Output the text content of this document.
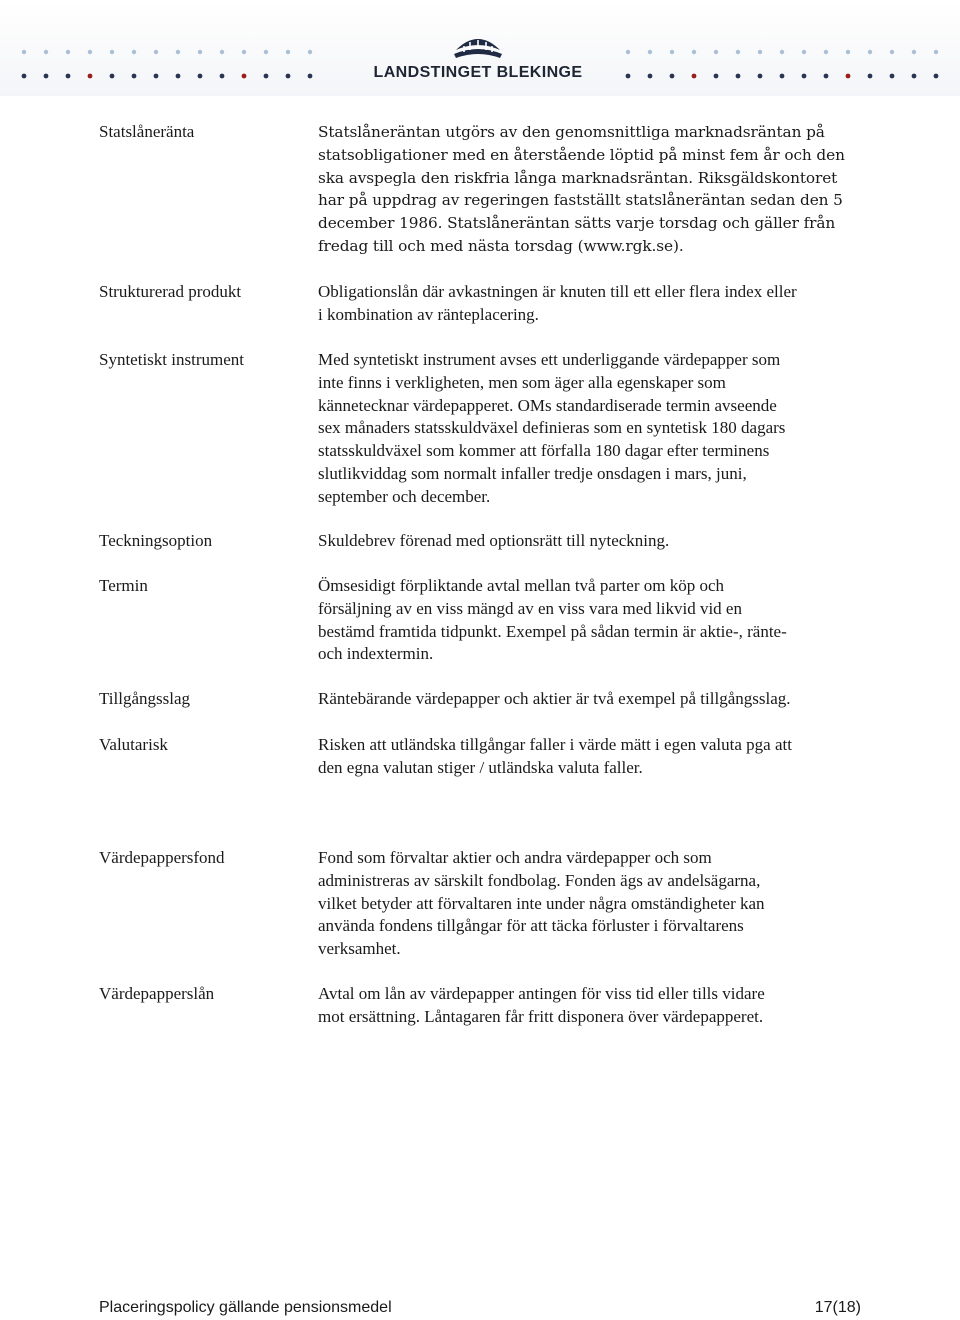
LANDSTINGET BLEKINGE
Statslåneränta	Statslåneräntan utgörs av den genomsnittliga marknadsräntan på
statsobligationer med en återstående löptid på minst fem år och den
ska avspegla den riskfria långa marknadsräntan. Riksgäldskontoret
har på uppdrag av regeringen fastställt statslåneräntan sedan den 5
december 1986. Statslåneräntan sätts varje torsdag och gäller från
fredag till och med nästa torsdag (www.rgk.se).
Strukturerad produkt	Obligationslån där avkastningen är knuten till ett eller flera index eller
i kombination av ränteplacering.
Syntetiskt instrument	Med syntetiskt instrument avses ett underliggande värdepapper som
inte finns i verkligheten, men som äger alla egenskaper som
kännetecknar värdepapperet. OMs standardiserade termin avseende
sex månaders statsskuldväxel definieras som en syntetisk 180 dagars
statsskuldväxel som kommer att förfalla 180 dagar efter terminens
slutlikviddag som normalt infaller tredje onsdagen i mars, juni,
september och december.
Teckningsoption	Skuldebrev förenad med optionsrätt till nyteckning.
Termin	Ömsesidigt förpliktande avtal mellan två parter om köp och
försäljning av en viss mängd av en viss vara med likvid vid en
bestämd framtida tidpunkt. Exempel på sådan termin är aktie-, ränte-
och indextermin.
Tillgångsslag	Räntebärande värdepapper och aktier är två exempel på tillgångsslag.
Valutarisk	Risken att utländska tillgångar faller i värde mätt i egen valuta pga att
den egna valutan stiger / utländska valuta faller.
Värdepappersfond	Fond som förvaltar aktier och andra värdepapper och som
administreras av särskilt fondbolag. Fonden ägs av andelsägarna,
vilket betyder att förvaltaren inte under några omständigheter kan
använda fondens tillgångar för att täcka förluster i förvaltarens
verksamhet.
Värdepapperslån	Avtal om lån av värdepapper antingen för viss tid eller tills vidare
mot ersättning. Låntagaren får fritt disponera över värdepapperet.
Placeringspolicy gällande pensionsmedel	17(18)
